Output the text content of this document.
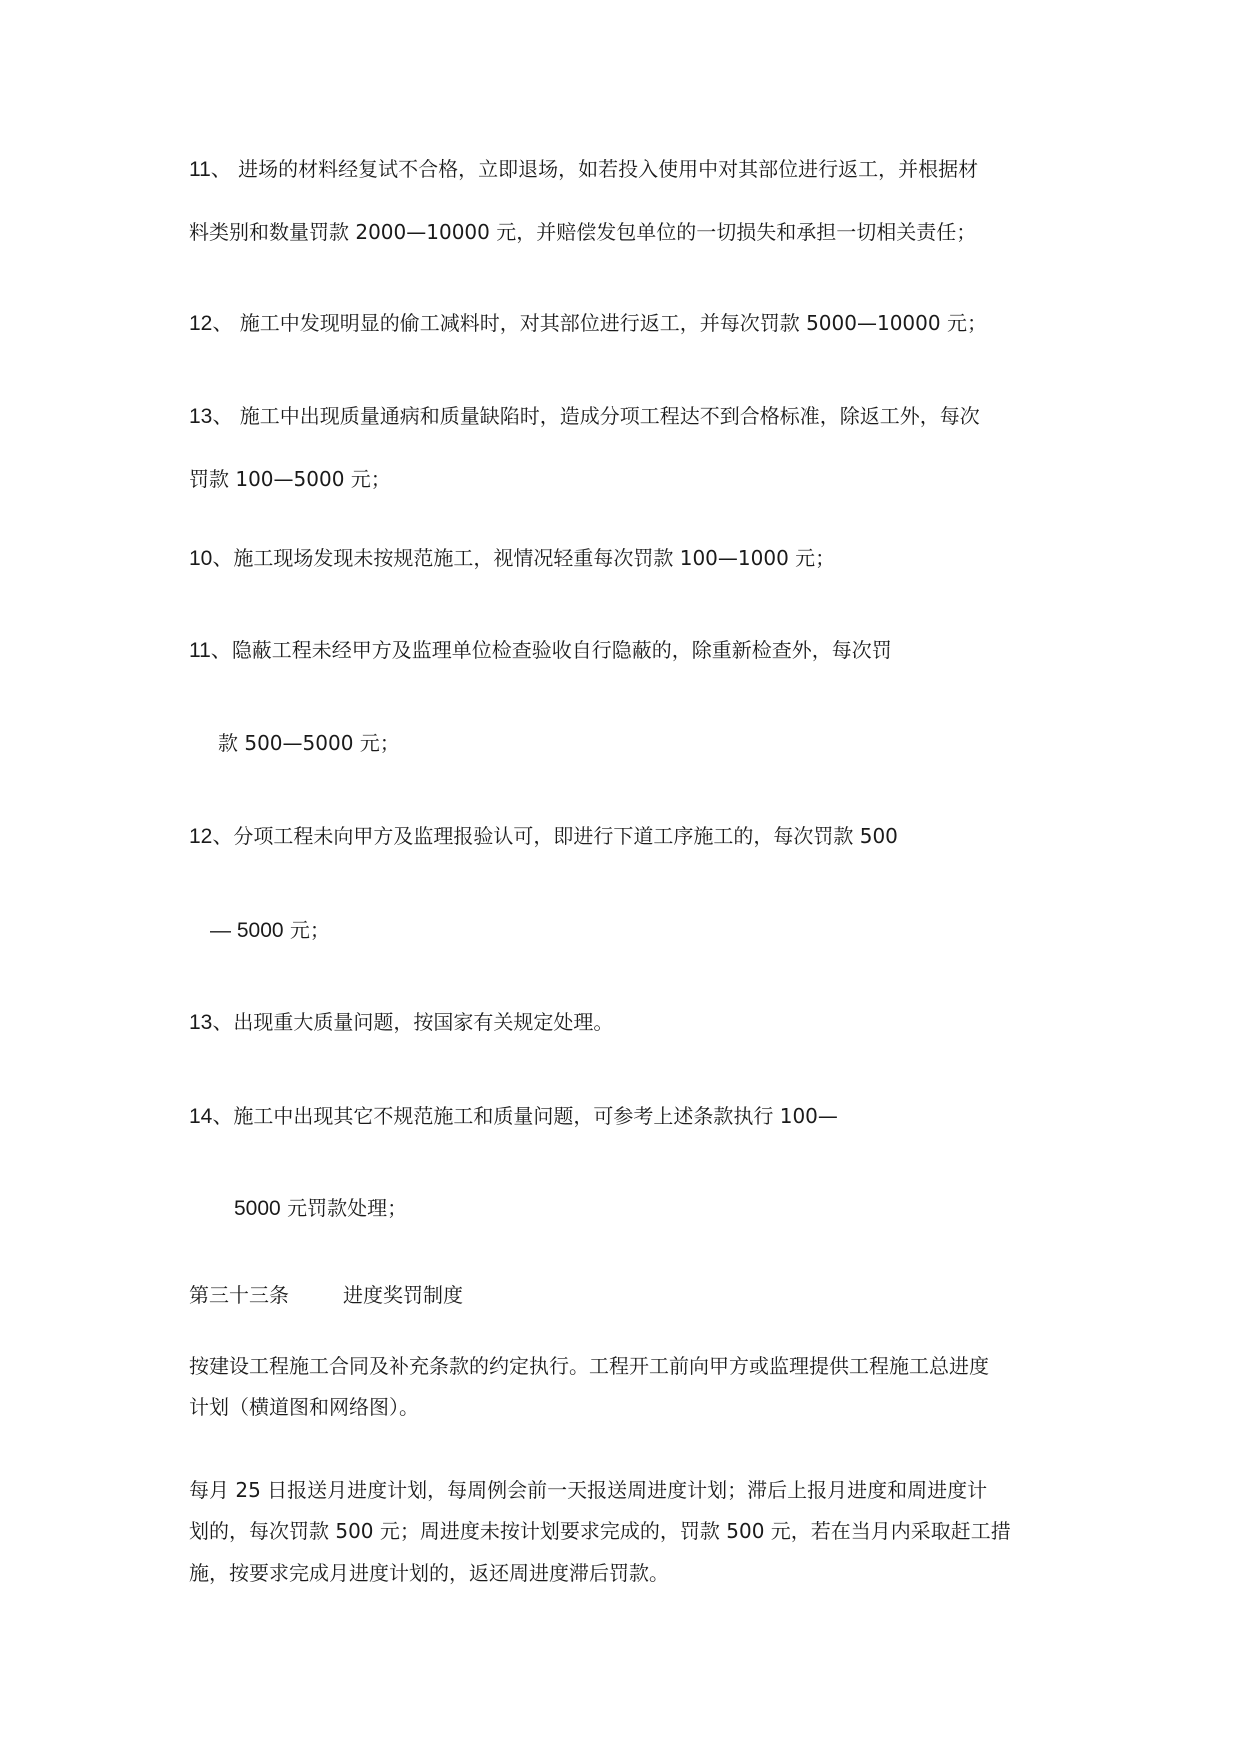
11、 进场的材料经复试不合格，立即退场，如若投入使用中对其部位进行返工，并根据材
料类别和数量罚款 2000—10000 元，并赔偿发包单位的一切损失和承担一切相关责任；
12、 施工中发现明显的偷工减料时，对其部位进行返工，并每次罚款 5000—10000 元；
13、 施工中出现质量通病和质量缺陷时，造成分项工程达不到合格标准，除返工外，每次
罚款 100—5000 元；
10、施工现场发现未按规范施工，视情况轻重每次罚款 100—1000 元；
11、隐蔽工程未经甲方及监理单位检查验收自行隐蔽的，除重新检查外，每次罚
款 500—5000 元；
12、分项工程未向甲方及监理报验认可，即进行下道工序施工的，每次罚款 500
— 5000 元；
13、出现重大质量问题，按国家有关规定处理。
14、施工中出现其它不规范施工和质量问题，可参考上述条款执行 100—
5000 元罚款处理；
第三十三条	进度奖罚制度
按建设工程施工合同及补充条款的约定执行。工程开工前向甲方或监理提供工程施工总进度
计划（横道图和网络图）。
每月 25 日报送月进度计划，每周例会前一天报送周进度计划；滞后上报月进度和周进度计
划的，每次罚款 500 元；周进度未按计划要求完成的，罚款 500 元，若在当月内采取赶工措
施，按要求完成月进度计划的，返还周进度滞后罚款。
